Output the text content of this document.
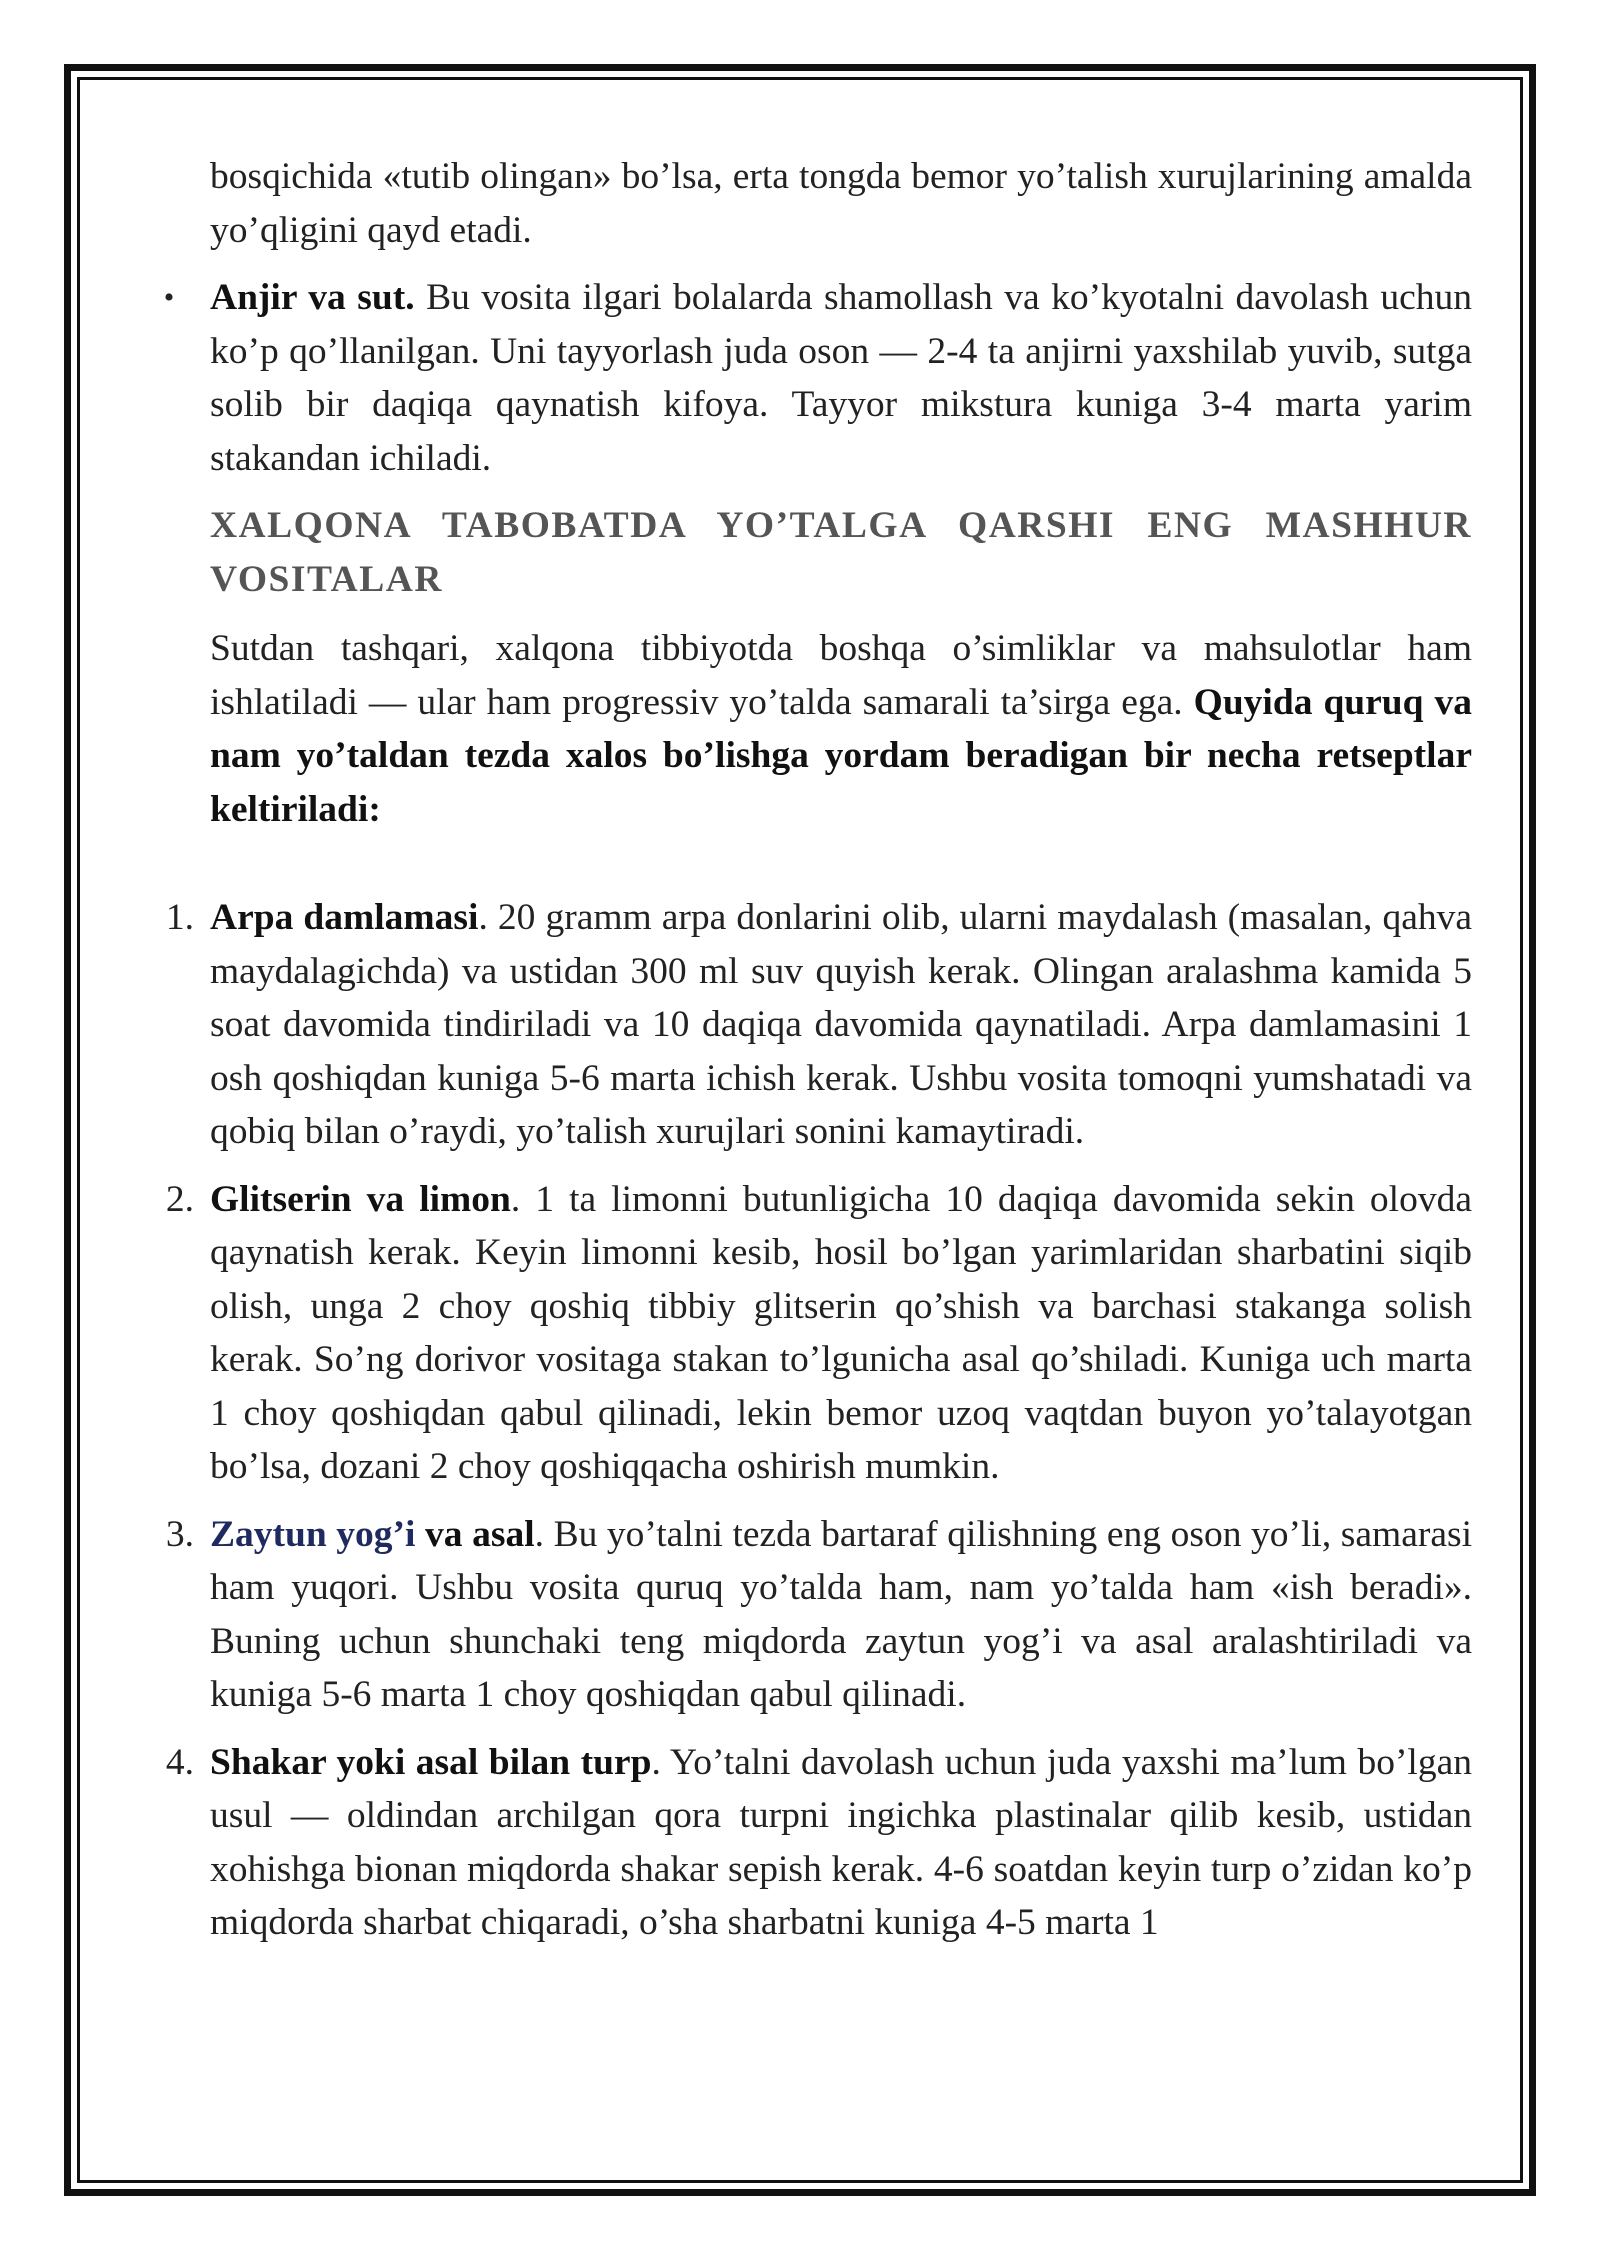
bosqichida «tutib olingan» bo’lsa, erta tongda bemor yo’talish xurujlarining amalda yo’qligini qayd etadi.

• Anjir va sut. Bu vosita ilgari bolalarda shamollash va ko’kyotalni davolash uchun ko’p qo’llanilgan. Uni tayyorlash juda oson — 2-4 ta anjirni yaxshilab yuvib, sutga solib bir daqiqa qaynatish kifoya. Tayyor mikstura kuniga 3-4 marta yarim stakandan ichiladi.

XALQONA TABOBATDA YO’TALGA QARSHI ENG MASHHUR VOSITALAR

Sutdan tashqari, xalqona tibbiyotda boshqa o’simliklar va mahsulotlar ham ishlatiladi — ular ham progressiv yo’talda samarali ta’sirga ega. Quyida quruq va nam yo’taldan tezda xalos bo’lishga yordam beradigan bir necha retseptlar keltiriladi:

1. Arpa damlamasi. 20 gramm arpa donlarini olib, ularni maydalash (masalan, qahva maydalagichda) va ustidan 300 ml suv quyish kerak. Olingan aralashma kamida 5 soat davomida tindiriladi va 10 daqiqa davomida qaynatiladi. Arpa damlamasini 1 osh qoshiqdan kuniga 5-6 marta ichish kerak. Ushbu vosita tomoqni yumshatadi va qobiq bilan o’raydi, yo’talish xurujlari sonini kamaytiradi.

2. Glitserin va limon. 1 ta limonni butunligicha 10 daqiqa davomida sekin olovda qaynatish kerak. Keyin limonni kesib, hosil bo’lgan yarimlaridan sharbatini siqib olish, unga 2 choy qoshiq tibbiy glitserin qo’shish va barchasi stakanga solish kerak. So’ng dorivor vositaga stakan to’lgunicha asal qo’shiladi. Kuniga uch marta 1 choy qoshiqdan qabul qilinadi, lekin bemor uzoq vaqtdan buyon yo’talayotgan bo’lsa, dozani 2 choy qoshiqqacha oshirish mumkin.

3. Zaytun yog’i va asal. Bu yo’talni tezda bartaraf qilishning eng oson yo’li, samarasi ham yuqori. Ushbu vosita quruq yo’talda ham, nam yo’talda ham «ish beradi». Buning uchun shunchaki teng miqdorda zaytun yog’i va asal aralashtiriladi va kuniga 5-6 marta 1 choy qoshiqdan qabul qilinadi.

4. Shakar yoki asal bilan turp. Yo’talni davolash uchun juda yaxshi ma’lum bo’lgan usul — oldindan archilgan qora turpni ingichka plastinalar qilib kesib, ustidan xohishga bionan miqdorda shakar sepish kerak. 4-6 soatdan keyin turp o’zidan ko’p miqdorda sharbat chiqaradi, o’sha sharbatni kuniga 4-5 marta 1
